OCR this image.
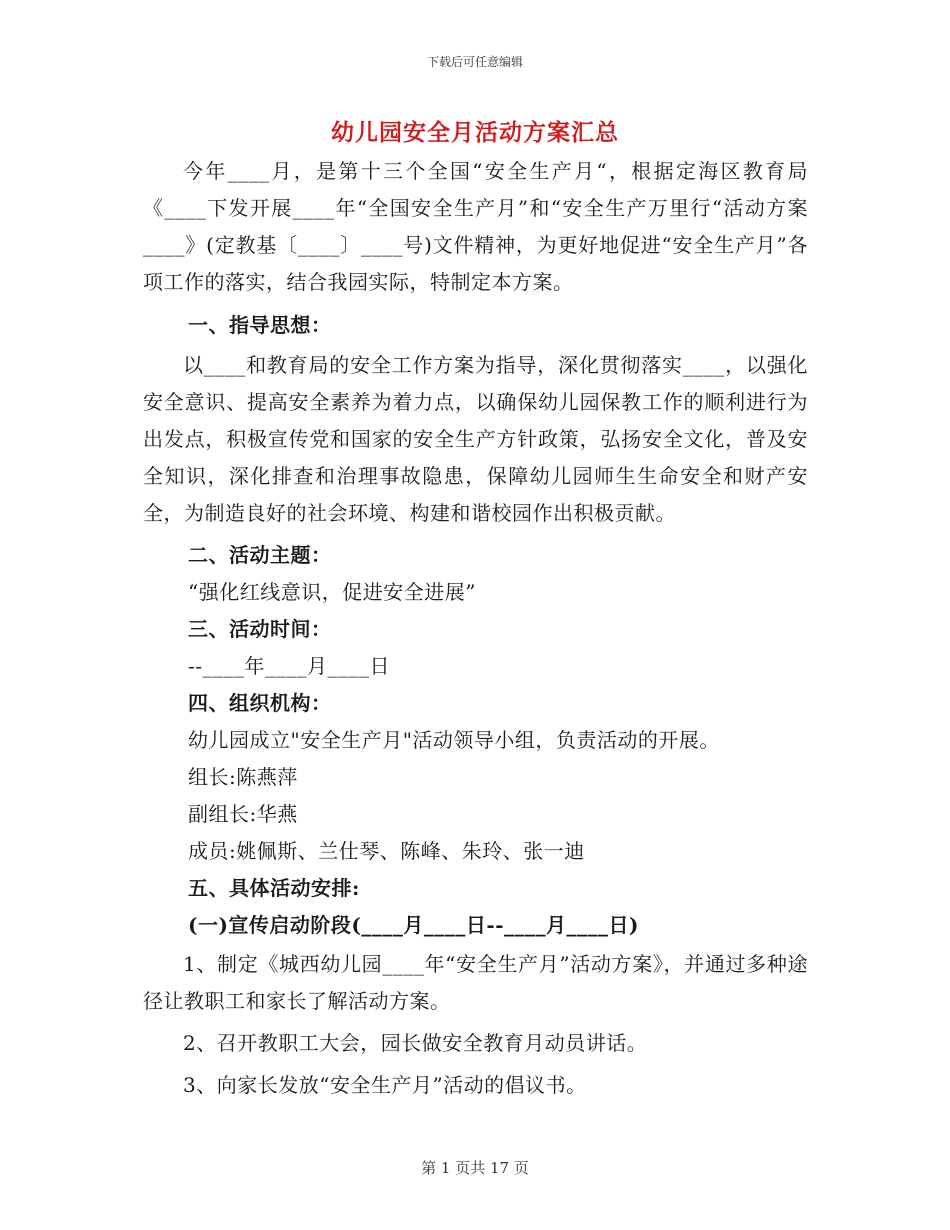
下载后可任意编辑
幼儿园安全月活动方案汇总

今年____月，是第十三个全国“安全生产月“，根据定海区教育局《____下发开展____年“全国安全生产月”和“安全生产万里行“活动方案____》(定教基〔____〕____号)文件精神，为更好地促进“安全生产月”各项工作的落实，结合我园实际，特制定本方案。

一、指导思想：

以____和教育局的安全工作方案为指导，深化贯彻落实____，以强化安全意识、提高安全素养为着力点，以确保幼儿园保教工作的顺利进行为出发点，积极宣传党和国家的安全生产方针政策，弘扬安全文化，普及安全知识，深化排查和治理事故隐患，保障幼儿园师生生命安全和财产安全，为制造良好的社会环境、构建和谐校园作出积极贡献。

二、活动主题：

“强化红线意识，促进安全进展”

三、活动时间：

--____年____月____日

四、组织机构：

幼儿园成立"安全生产月"活动领导小组，负责活动的开展。

组长:陈燕萍

副组长:华燕

成员:姚佩斯、兰仕琴、陈峰、朱玲、张一迪

五、具体活动安排:

(一)宣传启动阶段(____月____日--____月____日)

1、制定《城西幼儿园____年“安全生产月”活动方案》，并通过多种途径让教职工和家长了解活动方案。

2、召开教职工大会，园长做安全教育月动员讲话。

3、向家长发放“安全生产月”活动的倡议书。

第 1 页共 17 页
